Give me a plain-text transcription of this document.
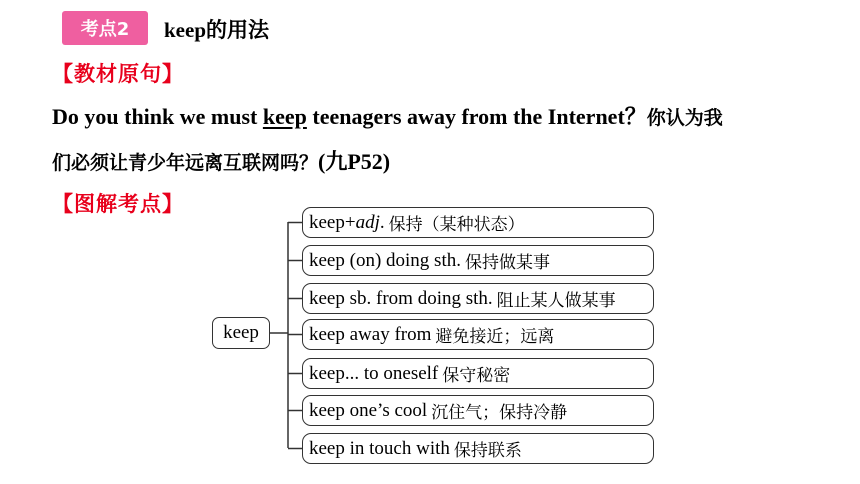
考点2	keep的用法
【教材原句】
Do you think we must keep teenagers away from the Internet？你认为我
们必须让青少年远离互联网吗？(九P52)
【图解考点】
keep
keep+adj. 保持（某种状态）
keep (on) doing sth. 保持做某事
keep sb. from doing sth. 阻止某人做某事
keep away from 避免接近；远离
keep... to oneself 保守秘密
keep one’s cool 沉住气；保持冷静
keep in touch with 保持联系
